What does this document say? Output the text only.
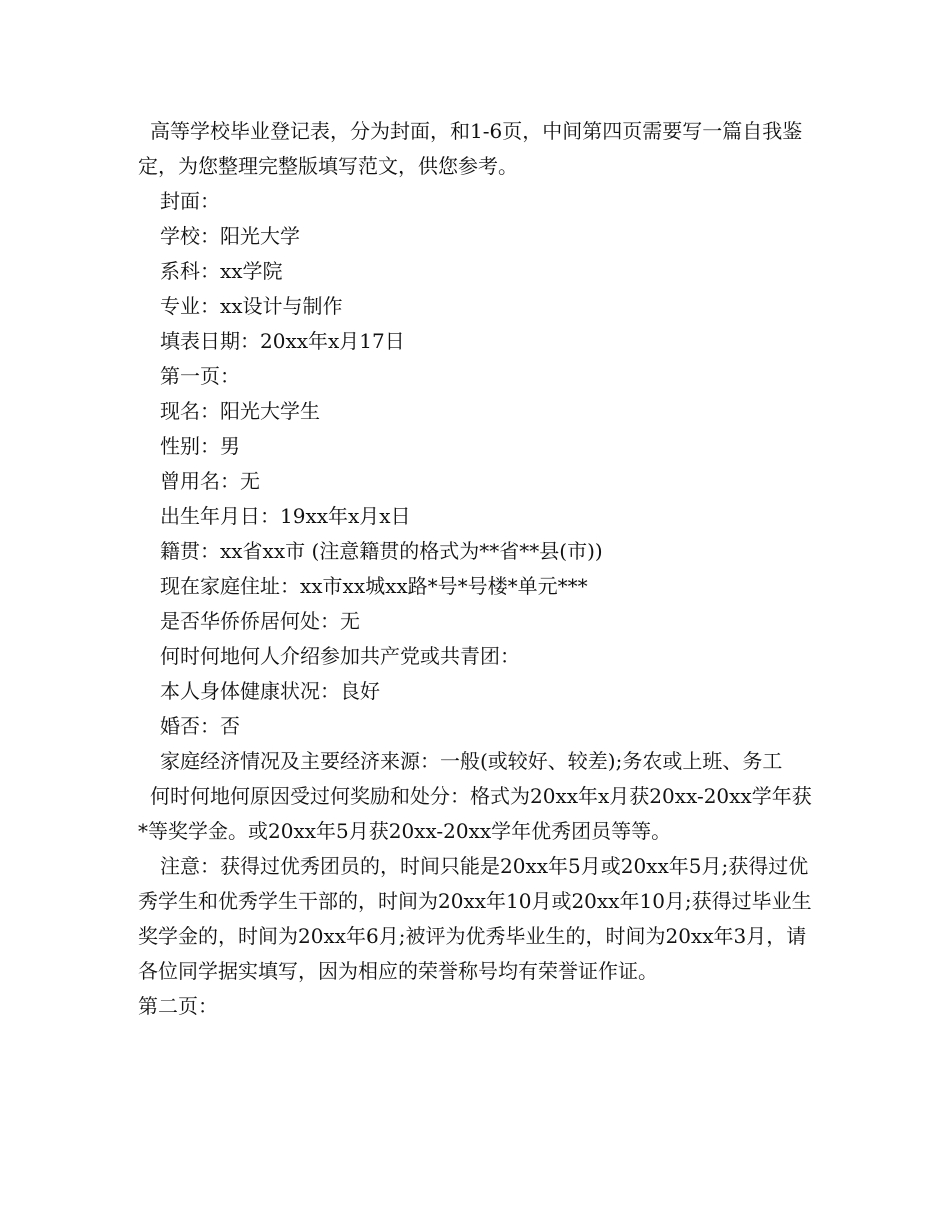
高等学校毕业登记表，分为封面，和1-6页，中间第四页需要写一篇自我鉴定，为您整理完整版填写范文，供您参考。

封面：

学校：阳光大学

系科：xx学院

专业：xx设计与制作

填表日期：20xx年x月17日

第一页：

现名：阳光大学生

性别：男

曾用名：无

出生年月日：19xx年x月x日

籍贯：xx省xx市 (注意籍贯的格式为**省**县(市))

现在家庭住址：xx市xx城xx路*号*号楼*单元***

是否华侨侨居何处：无

何时何地何人介绍参加共产党或共青团：

本人身体健康状况：良好

婚否：否

家庭经济情况及主要经济来源：一般(或较好、较差);务农或上班、务工

何时何地何原因受过何奖励和处分：格式为20xx年x月获20xx-20xx学年获*等奖学金。或20xx年5月获20xx-20xx学年优秀团员等等。

注意：获得过优秀团员的，时间只能是20xx年5月或20xx年5月;获得过优秀学生和优秀学生干部的，时间为20xx年10月或20xx年10月;获得过毕业生奖学金的，时间为20xx年6月;被评为优秀毕业生的，时间为20xx年3月，请各位同学据实填写，因为相应的荣誉称号均有荣誉证作证。

第二页：
